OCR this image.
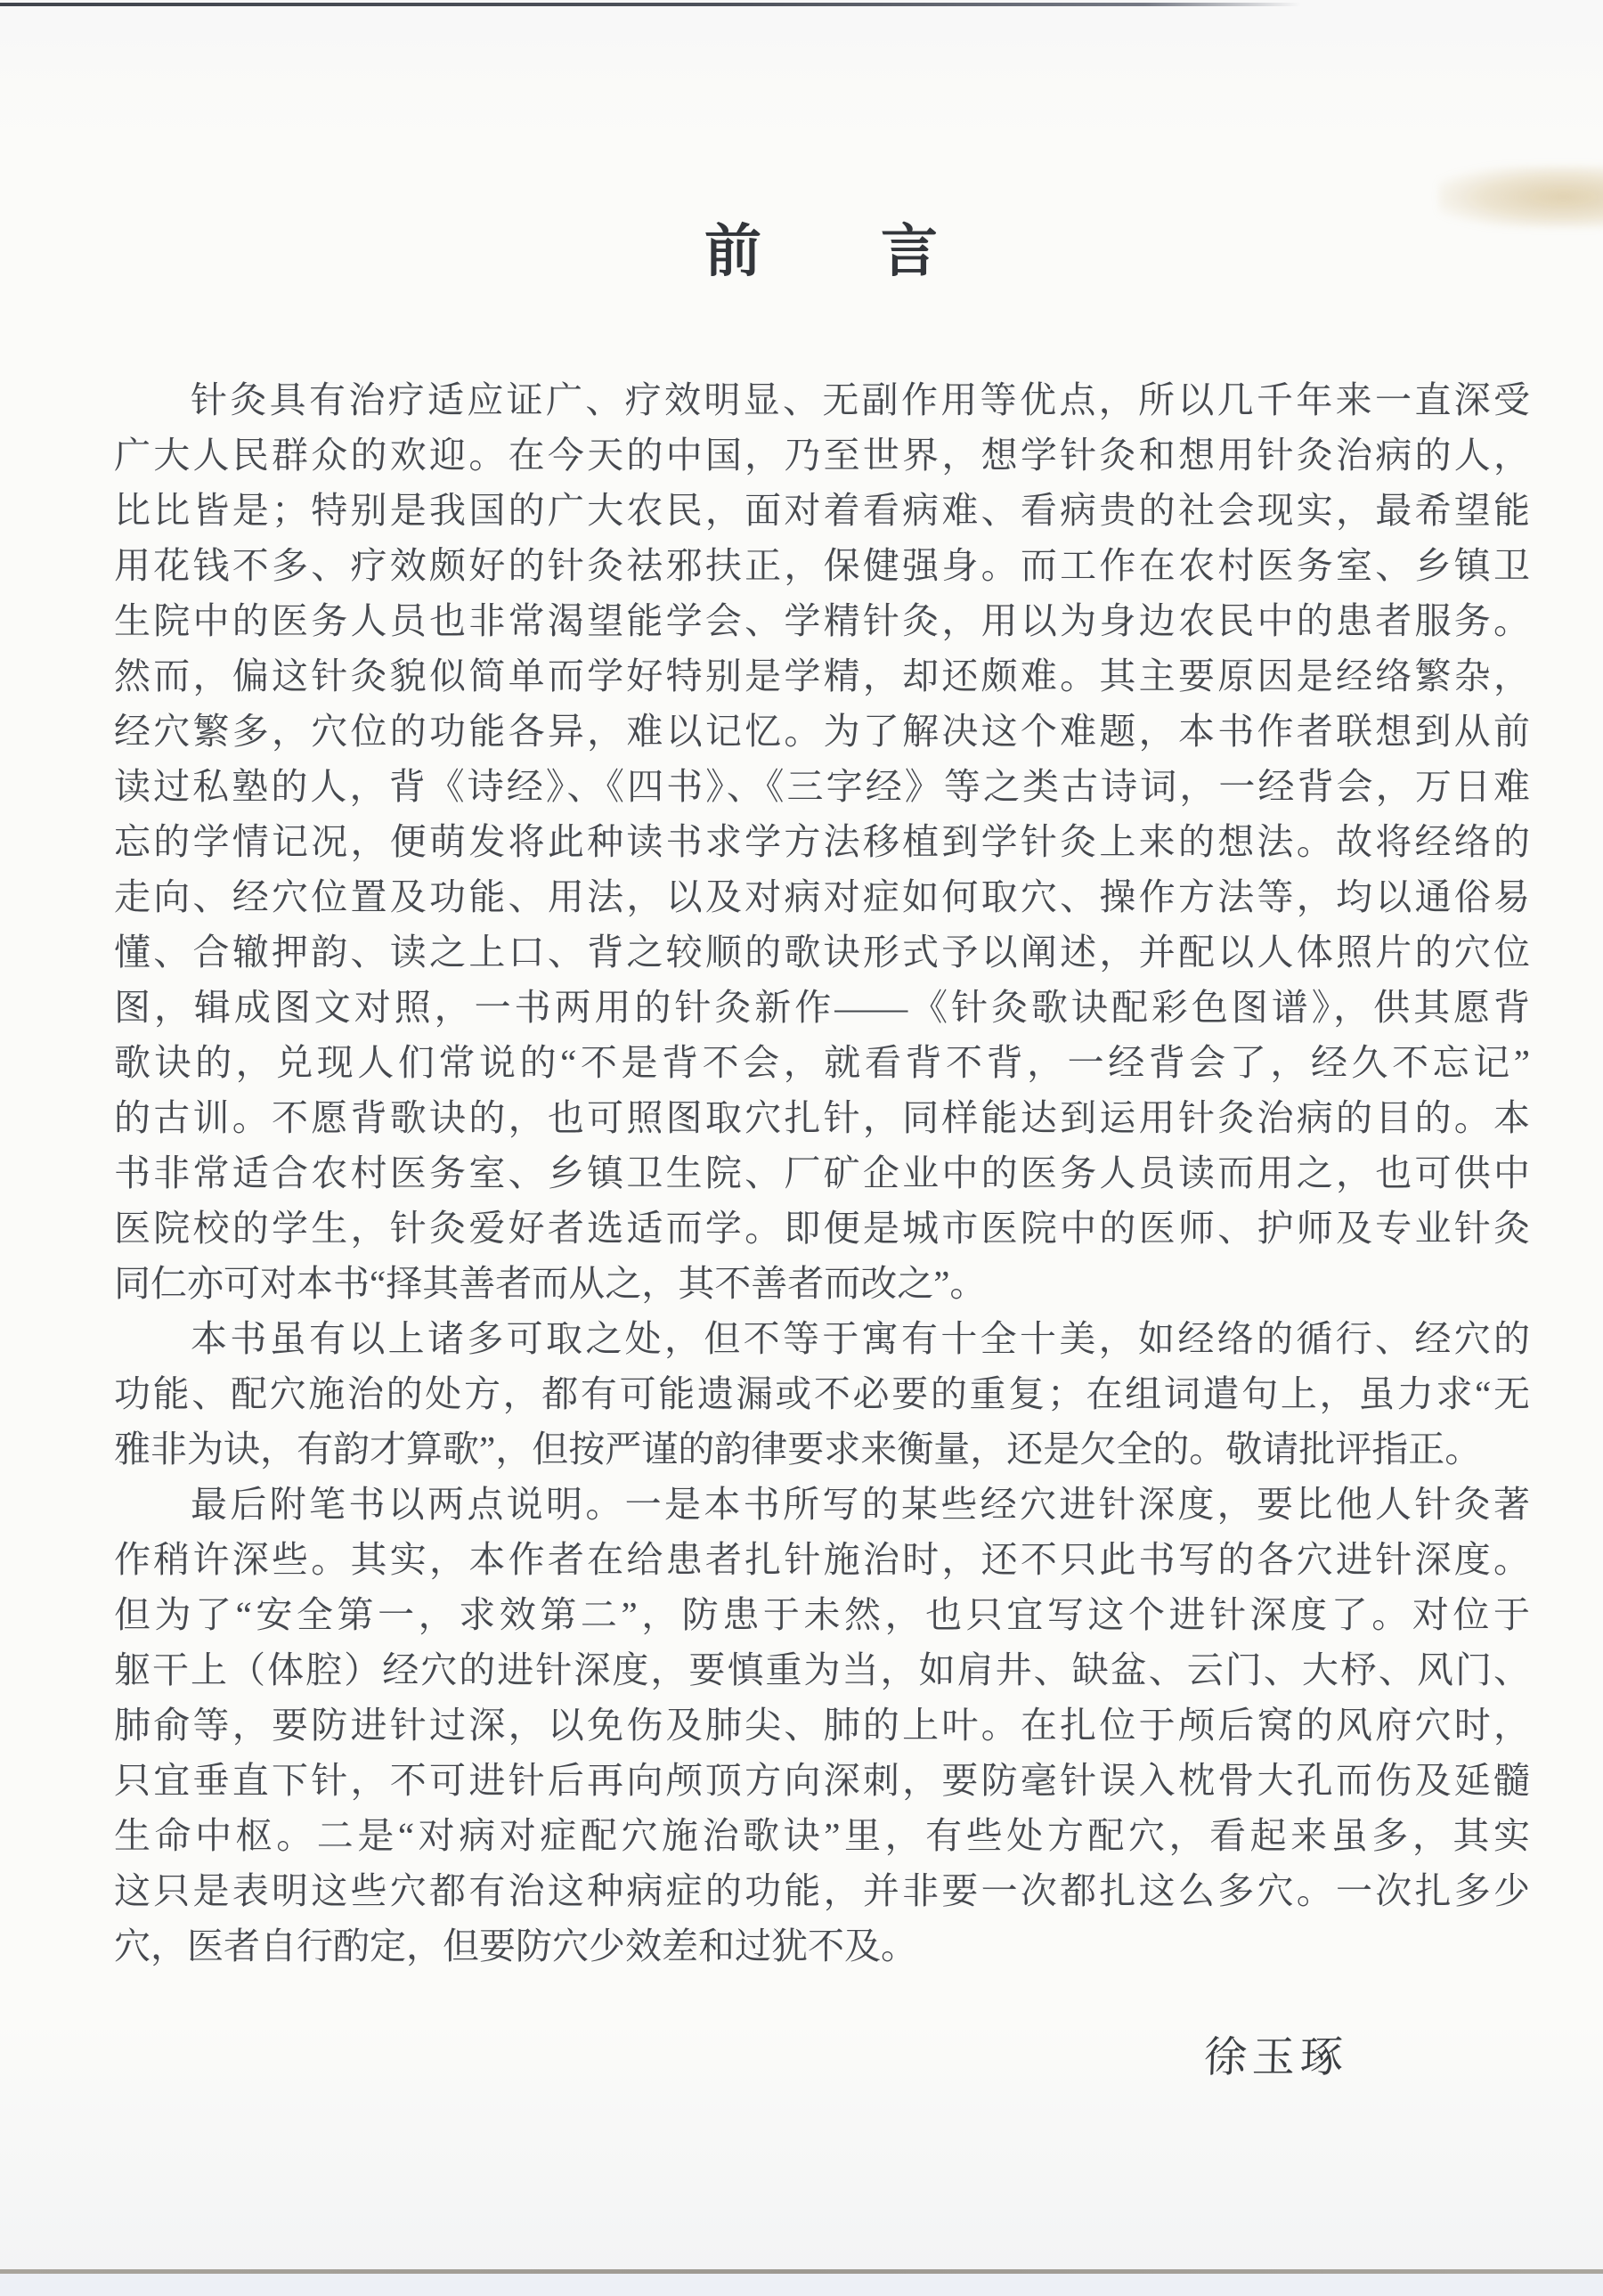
前　　言
针灸具有治疗适应证广、疗效明显、无副作用等优点，所以几千年来一直深受
广大人民群众的欢迎。在今天的中国，乃至世界，想学针灸和想用针灸治病的人，
比比皆是；特别是我国的广大农民，面对着看病难、看病贵的社会现实，最希望能
用花钱不多、疗效颇好的针灸祛邪扶正，保健强身。而工作在农村医务室、乡镇卫
生院中的医务人员也非常渴望能学会、学精针灸，用以为身边农民中的患者服务。
然而，偏这针灸貌似简单而学好特别是学精，却还颇难。其主要原因是经络繁杂，
经穴繁多，穴位的功能各异，难以记忆。为了解决这个难题，本书作者联想到从前
读过私塾的人，背《诗经》、《四书》、《三字经》等之类古诗词，一经背会，万日难
忘的学情记况，便萌发将此种读书求学方法移植到学针灸上来的想法。故将经络的
走向、经穴位置及功能、用法，以及对病对症如何取穴、操作方法等，均以通俗易
懂、合辙押韵、读之上口、背之较顺的歌诀形式予以阐述，并配以人体照片的穴位
图，辑成图文对照，一书两用的针灸新作——《针灸歌诀配彩色图谱》，供其愿背
歌诀的，兑现人们常说的“不是背不会，就看背不背，一经背会了，经久不忘记”
的古训。不愿背歌诀的，也可照图取穴扎针，同样能达到运用针灸治病的目的。本
书非常适合农村医务室、乡镇卫生院、厂矿企业中的医务人员读而用之，也可供中
医院校的学生，针灸爱好者选适而学。即便是城市医院中的医师、护师及专业针灸
同仁亦可对本书“择其善者而从之，其不善者而改之”。
本书虽有以上诸多可取之处，但不等于寓有十全十美，如经络的循行、经穴的
功能、配穴施治的处方，都有可能遗漏或不必要的重复；在组词遣句上，虽力求“无
雅非为诀，有韵才算歌”，但按严谨的韵律要求来衡量，还是欠全的。敬请批评指正。
最后附笔书以两点说明。一是本书所写的某些经穴进针深度，要比他人针灸著
作稍许深些。其实，本作者在给患者扎针施治时，还不只此书写的各穴进针深度。
但为了“安全第一，求效第二”，防患于未然，也只宜写这个进针深度了。对位于
躯干上（体腔）经穴的进针深度，要慎重为当，如肩井、缺盆、云门、大杼、风门、
肺俞等，要防进针过深，以免伤及肺尖、肺的上叶。在扎位于颅后窝的风府穴时，
只宜垂直下针，不可进针后再向颅顶方向深刺，要防毫针误入枕骨大孔而伤及延髓
生命中枢。二是“对病对症配穴施治歌诀”里，有些处方配穴，看起来虽多，其实
这只是表明这些穴都有治这种病症的功能，并非要一次都扎这么多穴。一次扎多少
穴，医者自行酌定，但要防穴少效差和过犹不及。
徐玉琢
